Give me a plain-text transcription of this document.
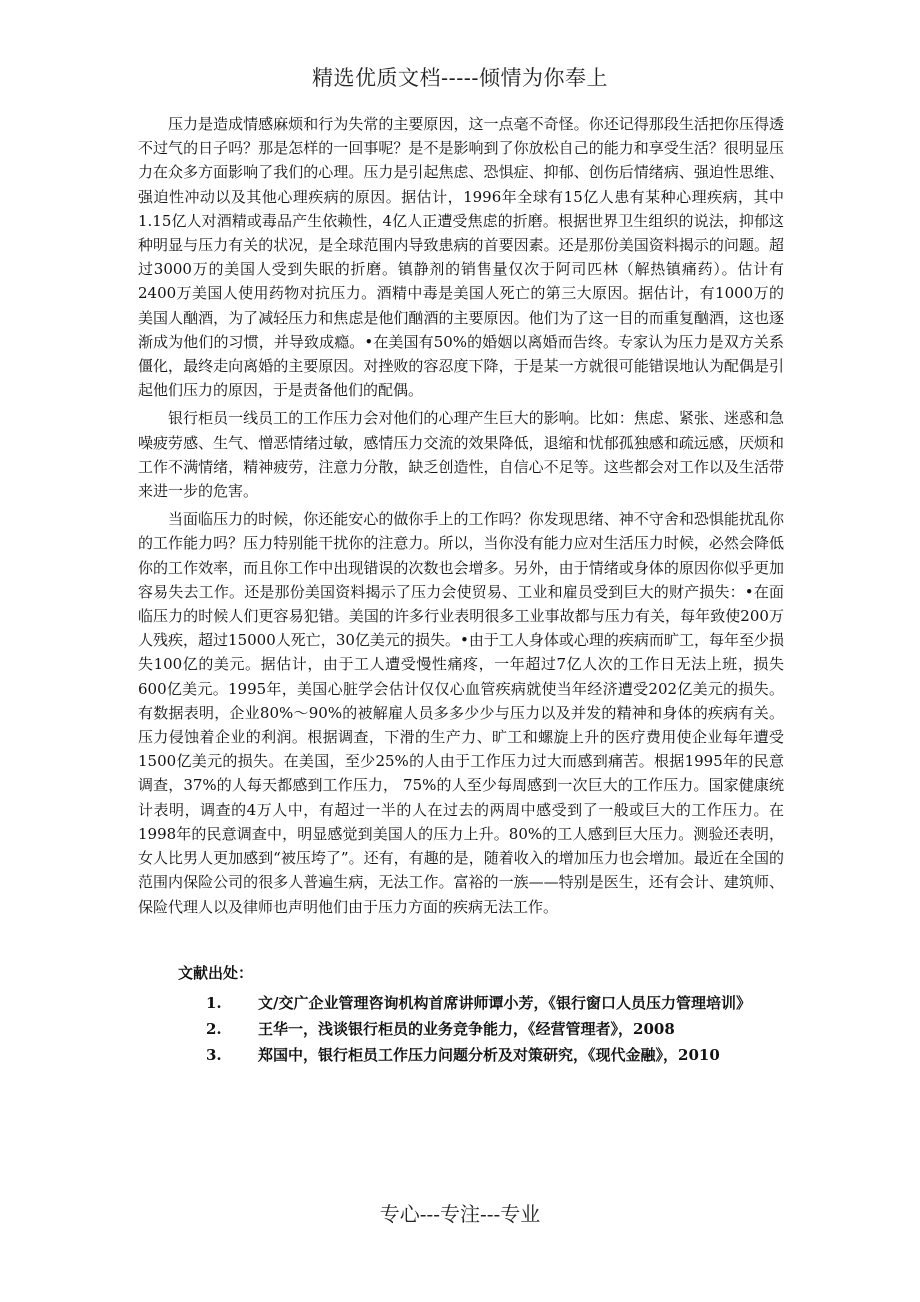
精选优质文档-----倾情为你奉上

压力是造成情感麻烦和行为失常的主要原因，这一点毫不奇怪。你还记得那段生活把你压得透不过气的日子吗？那是怎样的一回事呢？是不是影响到了你放松自己的能力和享受生活？很明显压力在众多方面影响了我们的心理。压力是引起焦虑、恐惧症、抑郁、创伤后情绪病、强迫性思维、强迫性冲动以及其他心理疾病的原因。据估计，1996年全球有15亿人患有某种心理疾病，其中1.15亿人对酒精或毒品产生依赖性，4亿人正遭受焦虑的折磨。根据世界卫生组织的说法，抑郁这种明显与压力有关的状况，是全球范围内导致患病的首要因素。还是那份美国资料揭示的问题。超过3000万的美国人受到失眠的折磨。镇静剂的销售量仅次于阿司匹林（解热镇痛药）。估计有2400万美国人使用药物对抗压力。酒精中毒是美国人死亡的第三大原因。据估计，有1000万的美国人酗酒，为了减轻压力和焦虑是他们酗酒的主要原因。他们为了这一目的而重复酗酒，这也逐渐成为他们的习惯，并导致成瘾。•在美国有50%的婚姻以离婚而告终。专家认为压力是双方关系僵化，最终走向离婚的主要原因。对挫败的容忍度下降，于是某一方就很可能错误地认为配偶是引起他们压力的原因，于是责备他们的配偶。

银行柜员一线员工的工作压力会对他们的心理产生巨大的影响。比如：焦虑、紧张、迷惑和急噪疲劳感、生气、憎恶情绪过敏，感情压力交流的效果降低，退缩和忧郁孤独感和疏远感，厌烦和工作不满情绪，精神疲劳，注意力分散，缺乏创造性，自信心不足等。这些都会对工作以及生活带来进一步的危害。

当面临压力的时候，你还能安心的做你手上的工作吗？你发现思绪、神不守舍和恐惧能扰乱你的工作能力吗？压力特别能干扰你的注意力。所以，当你没有能力应对生活压力时候，必然会降低你的工作效率，而且你工作中出现错误的次数也会增多。另外，由于情绪或身体的原因你似乎更加容易失去工作。还是那份美国资料揭示了压力会使贸易、工业和雇员受到巨大的财产损失：•在面临压力的时候人们更容易犯错。美国的许多行业表明很多工业事故都与压力有关，每年致使200万人残疾，超过15000人死亡，30亿美元的损失。•由于工人身体或心理的疾病而旷工，每年至少损失100亿的美元。据估计，由于工人遭受慢性痛疼，一年超过7亿人次的工作日无法上班，损失600亿美元。1995年，美国心脏学会估计仅仅心血管疾病就使当年经济遭受202亿美元的损失。有数据表明，企业80%～90%的被解雇人员多多少少与压力以及并发的精神和身体的疾病有关。压力侵蚀着企业的利润。根据调查，下滑的生产力、旷工和螺旋上升的医疗费用使企业每年遭受1500亿美元的损失。在美国，至少25%的人由于工作压力过大而感到痛苦。根据1995年的民意调查，37%的人每天都感到工作压力， 75%的人至少每周感到一次巨大的工作压力。国家健康统计表明，调查的4万人中，有超过一半的人在过去的两周中感受到了一般或巨大的工作压力。在1998年的民意调查中，明显感觉到美国人的压力上升。80%的工人感到巨大压力。测验还表明，女人比男人更加感到“被压垮了”。还有，有趣的是，随着收入的增加压力也会增加。最近在全国的范围内保险公司的很多人普遍生病，无法工作。富裕的一族——特别是医生，还有会计、建筑师、保险代理人以及律师也声明他们由于压力方面的疾病无法工作。

文献出处：
1.	文/交广企业管理咨询机构首席讲师谭小芳，《银行窗口人员压力管理培训》
2.	王华一，浅谈银行柜员的业务竞争能力，《经营管理者》，2008
3.	郑国中，银行柜员工作压力问题分析及对策研究，《现代金融》，2010
专心---专注---专业
